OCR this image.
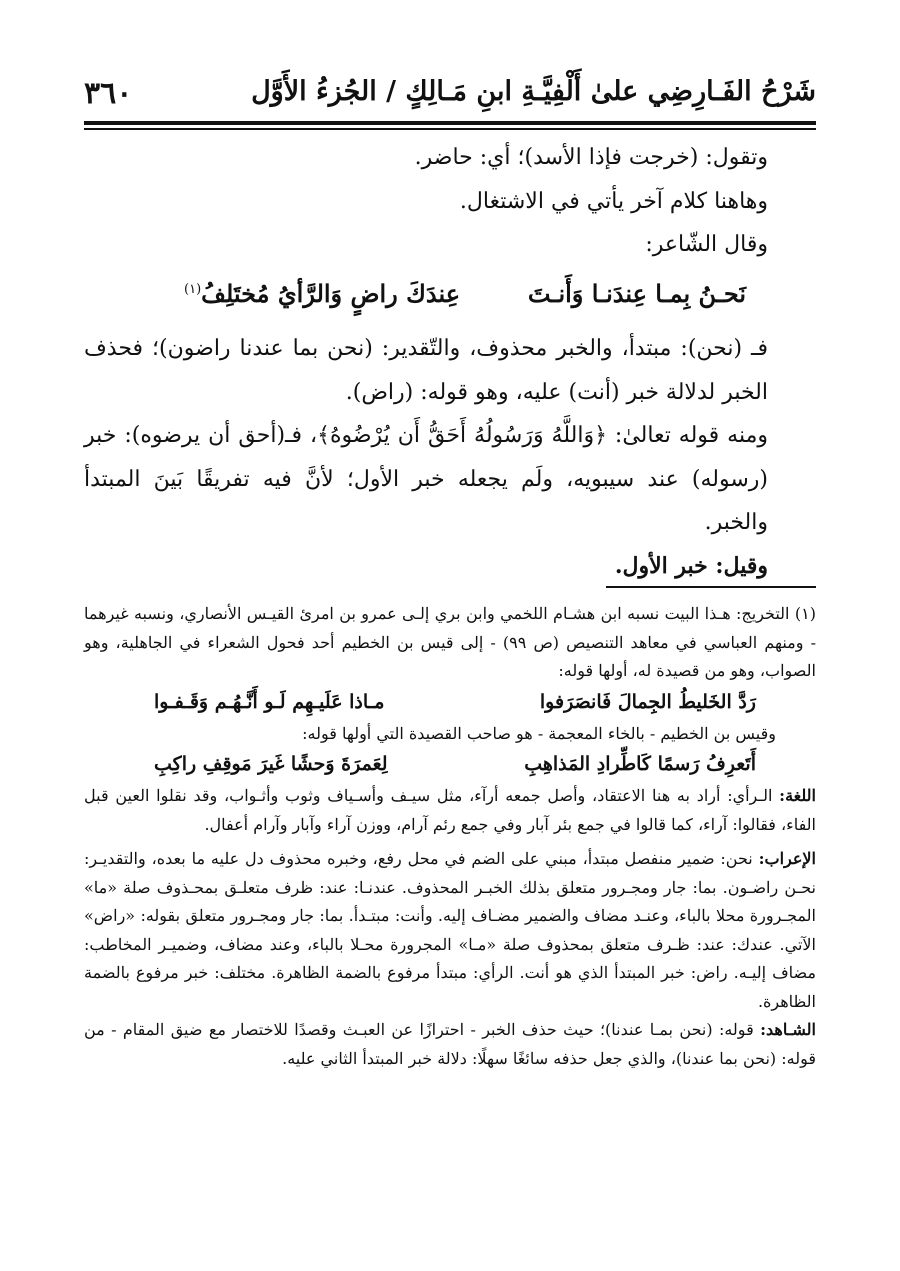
٣٦٠	شَرْحُ الفَـارِضِي علىٰ أَلْفِيَّـةِ ابنِ مَـالِكٍ / الجُزءُ الأَوَّل

وتقول: (خرجت فإذا الأسد)؛ أي: حاضر.

وهاهنا كلام آخر يأتي في الاشتغال.

وقال الشّاعر:

نَحـنُ بِمـا عِندَنـا وَأَنـتَ
عِندَكَ راضٍ وَالرَّأيُ مُختَلِفُ$^{(١)}$

فـ (نحن): مبتدأ، والخبر محذوف، والتّقدير: (نحن بما عندنا راضون)؛ فحذف الخبر لدلالة خبر (أنت) عليه، وهو قوله: (راض).

ومنه قوله تعالىٰ: ﴿وَاللَّهُ وَرَسُولُهُ أَحَقُّ أَن يُرْضُوهُ﴾، فـ(أحق أن يرضوه): خبر (رسوله) عند سيبويه، ولَم يجعله خبر الأول؛ لأنَّ فيه تفريقًا بَينَ المبتدأ والخبر.

وقيل: خبر الأول.

(١) التخريج: هـذا البيت نسبه ابن هشـام اللخمي وابن بري إلـى عمرو بن امرئ القيـس الأنصاري، ونسبه غيرهما - ومنهم العباسي في معاهد التنصيص (ص ٩٩) - إلى قيس بن الخطيم أحد فحول الشعراء في الجاهلية، وهو الصواب، وهو من قصيدة له، أولها قوله:

رَدَّ الخَليطُ الجِمالَ فَانصَرَفوا
مـاذا عَلَيـهِم لَـو أَنَّـهُـم وَقَـفـوا

وقيس بن الخطيم - بالخاء المعجمة - هو صاحب القصيدة التي أولها قوله:

أَتَعرِفُ رَسمًا كَاطِّرادِ المَذاهِبِ
لِعَمرَةَ وَحشًا غَيرَ مَوقِفِ راكِبِ

اللغة: الـرأي: أراد به هنا الاعتقاد، وأصل جمعه أرآء، مثل سيـف وأسـياف وثوب وأثـواب، وقد نقلوا العين قبل الفاء، فقالوا: آراء، كما قالوا في جمع بئر آبار وفي جمع رئم آرام، ووزن آراء وآبار وآرام أعفال.

الإعراب: نحن: ضمير منفصل مبتدأ، مبني على الضم في محل رفع، وخبره محذوف دل عليه ما بعده، والتقديـر: نحـن راضـون. بما: جار ومجـرور متعلق بذلك الخبـر المحذوف. عندنـا: عند: ظرف متعلـق بمحـذوف صلة «ما» المجـرورة محلا بالباء، وعنـد مضاف والضمير مضـاف إليه. وأنت: مبتـدأ. بما: جار ومجـرور متعلق بقوله: «راض» الآتي. عندك: عند: ظـرف متعلق بمحذوف صلة «مـا» المجرورة محـلا بالباء، وعند مضاف، وضميـر المخاطب: مضاف إليـه. راض: خبر المبتدأ الذي هو أنت. الرأي: مبتدأ مرفوع بالضمة الظاهرة. مختلف: خبر مرفوع بالضمة الظاهرة.

الشـاهد: قوله: (نحن بمـا عندنا)؛ حيث حذف الخبر - احترازًا عن العبـث وقصدًا للاختصار مع ضيق المقام - من قوله: (نحن بما عندنا)، والذي جعل حذفه سائغًا سهلًا: دلالة خبر المبتدأ الثاني عليه.
